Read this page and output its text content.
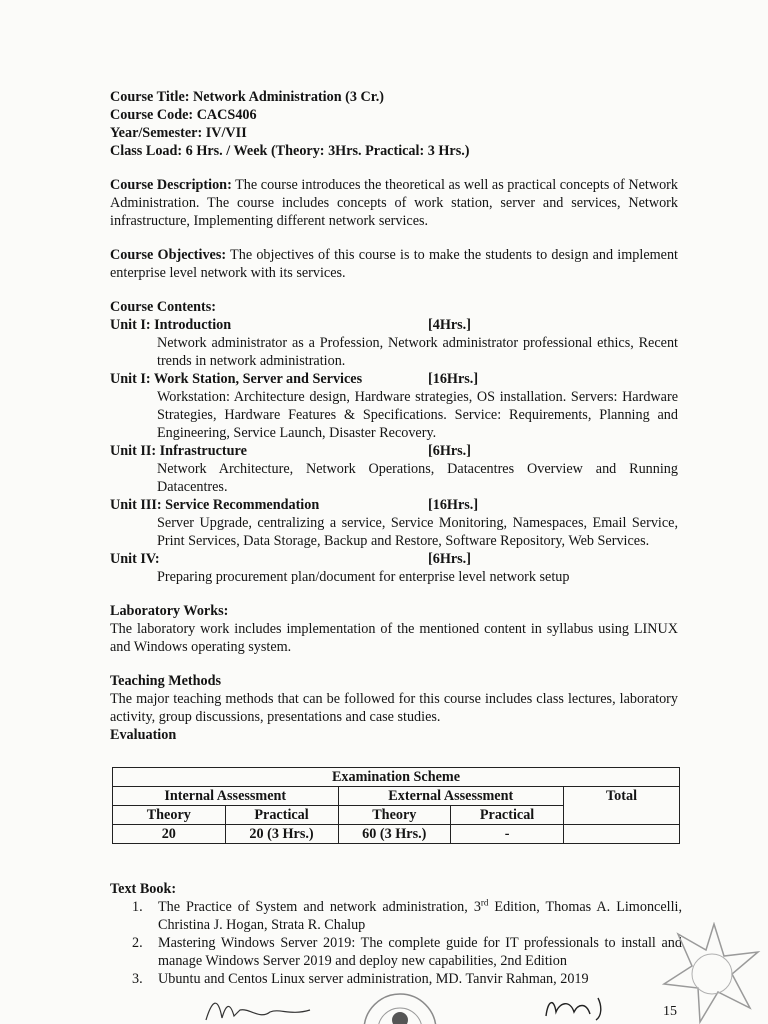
Course Title: Network Administration (3 Cr.)
Course Code: CACS406
Year/Semester: IV/VII
Class Load: 6 Hrs. / Week (Theory: 3Hrs. Practical: 3 Hrs.)
Course Description: The course introduces the theoretical as well as practical concepts of Network Administration. The course includes concepts of work station, server and services, Network infrastructure, Implementing different network services.
Course Objectives: The objectives of this course is to make the students to design and implement enterprise level network with its services.
Course Contents:
Unit I: Introduction	[4Hrs.]
Network administrator as a Profession, Network administrator professional ethics, Recent trends in network administration.
Unit I: Work Station, Server and Services	[16Hrs.]
Workstation: Architecture design, Hardware strategies, OS installation. Servers: Hardware Strategies, Hardware Features & Specifications. Service: Requirements, Planning and Engineering, Service Launch, Disaster Recovery.
Unit II: Infrastructure	[6Hrs.]
Network Architecture, Network Operations, Datacentres Overview and Running Datacentres.
Unit III: Service Recommendation	[16Hrs.]
Server Upgrade, centralizing a service, Service Monitoring, Namespaces, Email Service, Print Services, Data Storage, Backup and Restore, Software Repository, Web Services.
Unit IV:	[6Hrs.]
Preparing procurement plan/document for enterprise level network setup
Laboratory Works:
The laboratory work includes implementation of the mentioned content in syllabus using LINUX and Windows operating system.
Teaching Methods
The major teaching methods that can be followed for this course includes class lectures, laboratory activity, group discussions, presentations and case studies.
Evaluation
Examination Scheme				
Internal Assessment		External Assessment		Total
Theory	Practical	Theory	Practical	
20	20 (3 Hrs.)	60 (3 Hrs.)	-	
Text Book:
1.	The Practice of System and network administration, 3rd Edition, Thomas A. Limoncelli, Christina J. Hogan, Strata R. Chalup
2.	Mastering Windows Server 2019: The complete guide for IT professionals to install and manage Windows Server 2019 and deploy new capabilities, 2nd Edition
3.	Ubuntu and Centos Linux server administration, MD. Tanvir Rahman, 2019
15
